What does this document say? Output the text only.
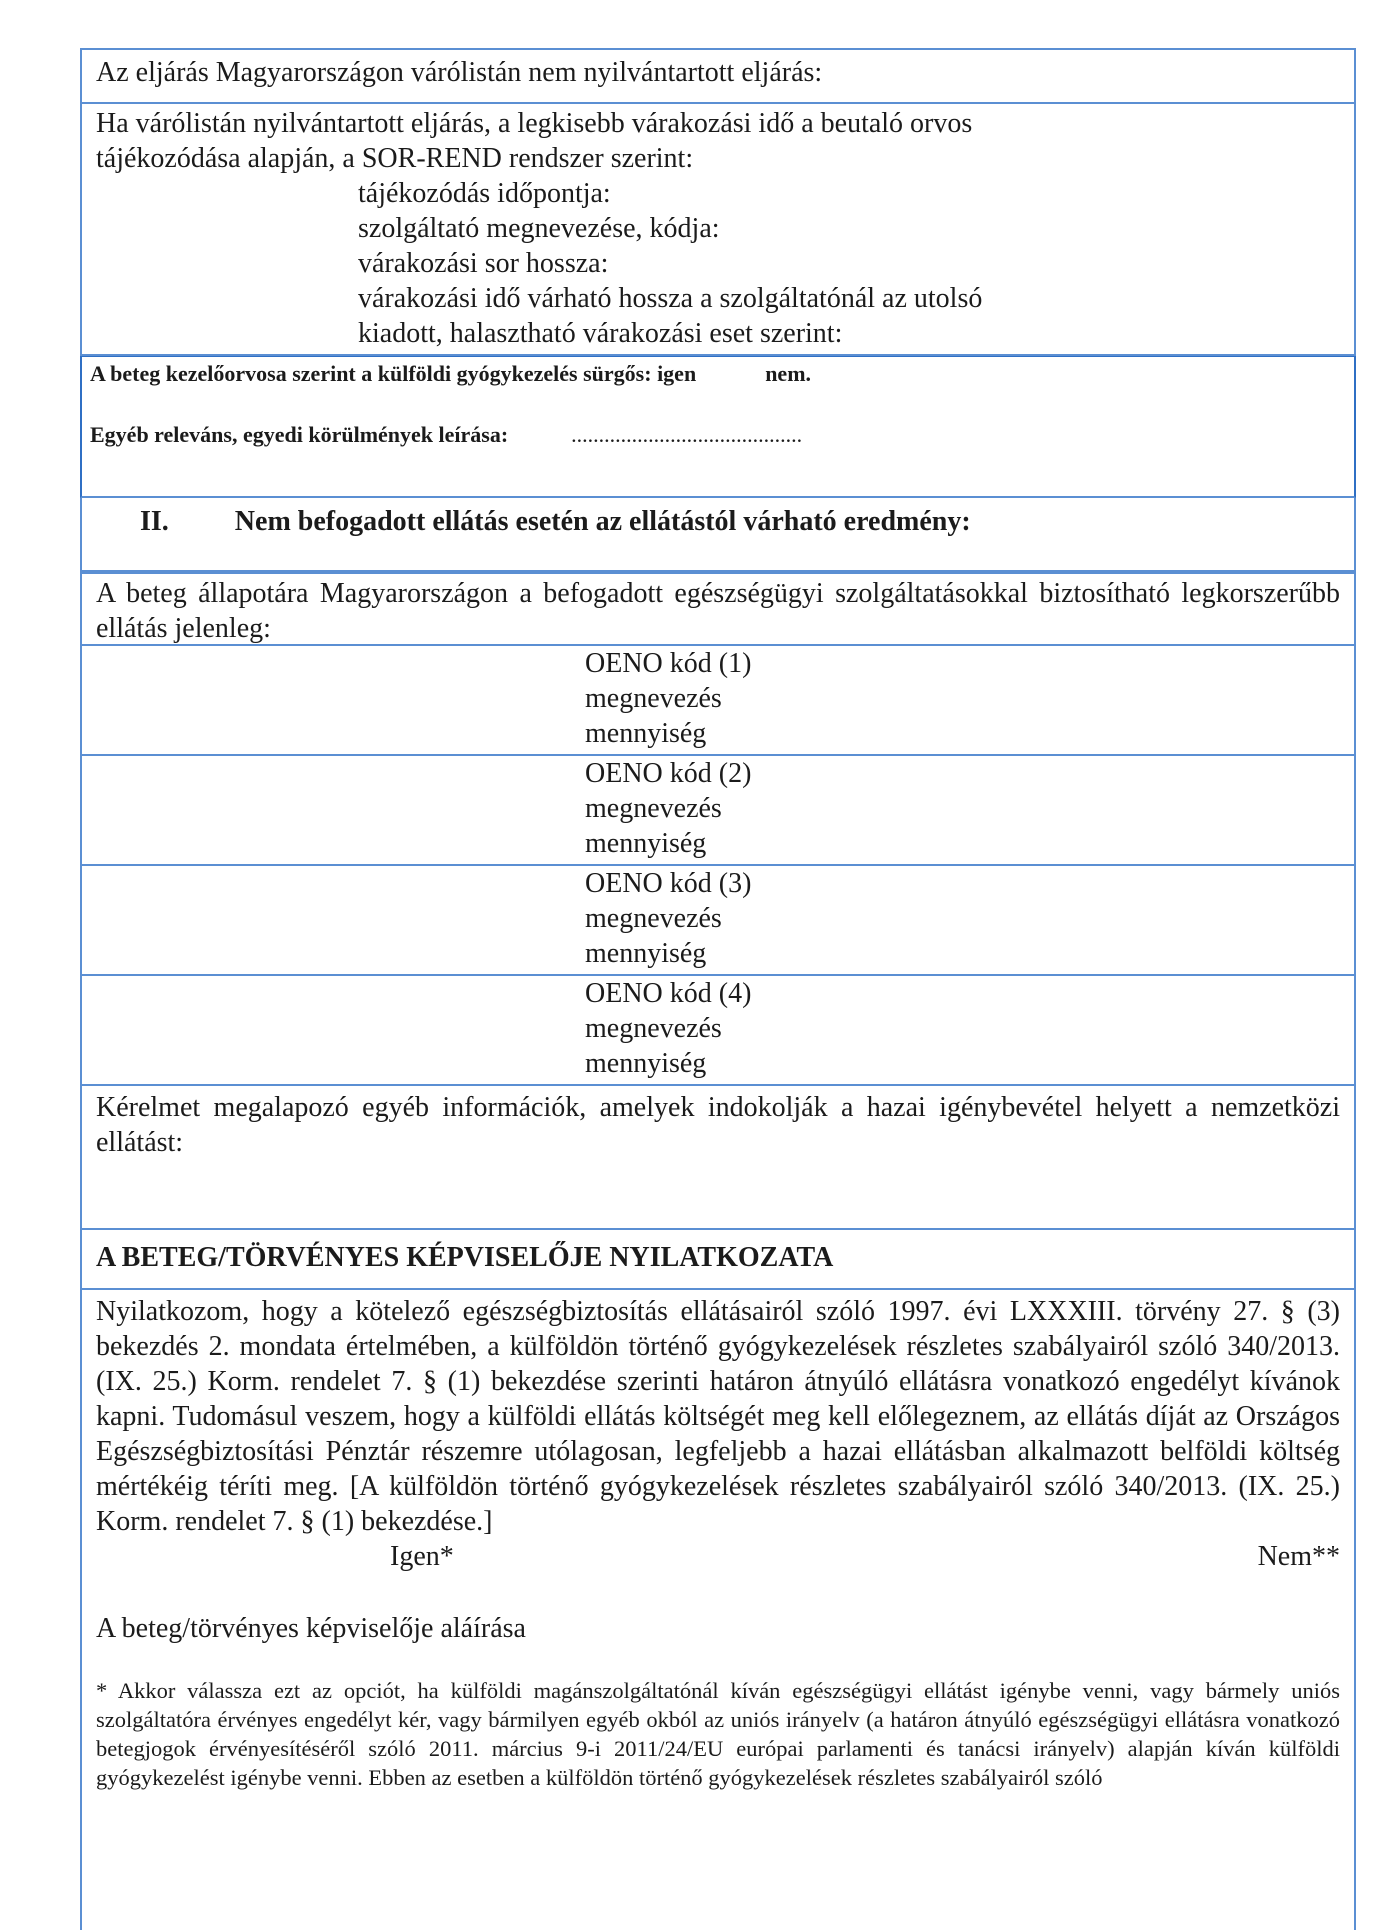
Az eljárás Magyarországon várólistán nem nyilvántartott eljárás:
Ha várólistán nyilvántartott eljárás, a legkisebb várakozási idő a beutaló orvos
tájékozódása alapján, a SOR-REND rendszer szerint:
tájékozódás időpontja:
szolgáltató megnevezése, kódja:
várakozási sor hossza:
várakozási idő várható hossza a szolgáltatónál az utolsó
kiadott, halasztható várakozási eset szerint:
A beteg kezelőorvosa szerint a külföldi gyógykezelés sürgős: igen	nem.
Egyéb releváns, egyedi körülmények leírása:	..........................................
II. Nem befogadott ellátás esetén az ellátástól várható eredmény:
A beteg állapotára Magyarországon a befogadott egészségügyi szolgáltatásokkal biztosítható legkorszerűbb ellátás jelenleg:
OENO kód (1)
megnevezés
mennyiség
OENO kód (2)
megnevezés
mennyiség
OENO kód (3)
megnevezés
mennyiség
OENO kód (4)
megnevezés
mennyiség
Kérelmet megalapozó egyéb információk, amelyek indokolják a hazai igénybevétel helyett a nemzetközi ellátást:
A BETEG/TÖRVÉNYES KÉPVISELŐJE NYILATKOZATA
Nyilatkozom, hogy a kötelező egészségbiztosítás ellátásairól szóló 1997. évi LXXXIII. törvény 27. § (3) bekezdés 2. mondata értelmében, a külföldön történő gyógykezelések részletes szabályairól szóló 340/2013. (IX. 25.) Korm. rendelet 7. § (1) bekezdése szerinti határon átnyúló ellátásra vonatkozó engedélyt kívánok kapni. Tudomásul veszem, hogy a külföldi ellátás költségét meg kell előlegeznem, az ellátás díját az Országos Egészségbiztosítási Pénztár részemre utólagosan, legfeljebb a hazai ellátásban alkalmazott belföldi költség mértékéig téríti meg. [A külföldön történő gyógykezelések részletes szabályairól szóló 340/2013. (IX. 25.) Korm. rendelet 7. § (1) bekezdése.]
Igen*	Nem**
A beteg/törvényes képviselője aláírása
* Akkor válassza ezt az opciót, ha külföldi magánszolgáltatónál kíván egészségügyi ellátást igénybe venni, vagy bármely uniós szolgáltatóra érvényes engedélyt kér, vagy bármilyen egyéb okból az uniós irányelv (a határon átnyúló egészségügyi ellátásra vonatkozó betegjogok érvényesítéséről szóló 2011. március 9-i 2011/24/EU európai parlamenti és tanácsi irányelv) alapján kíván külföldi gyógykezelést igénybe venni. Ebben az esetben a külföldön történő gyógykezelések részletes szabályairól szóló
